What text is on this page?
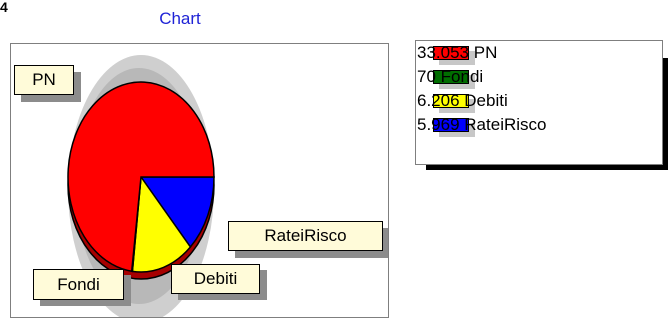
4
Chart
PN
Fondi	Debiti
RateiRisco
33.053 PN
70 Fondi
6.206 Debiti
5.969 RateiRisco
